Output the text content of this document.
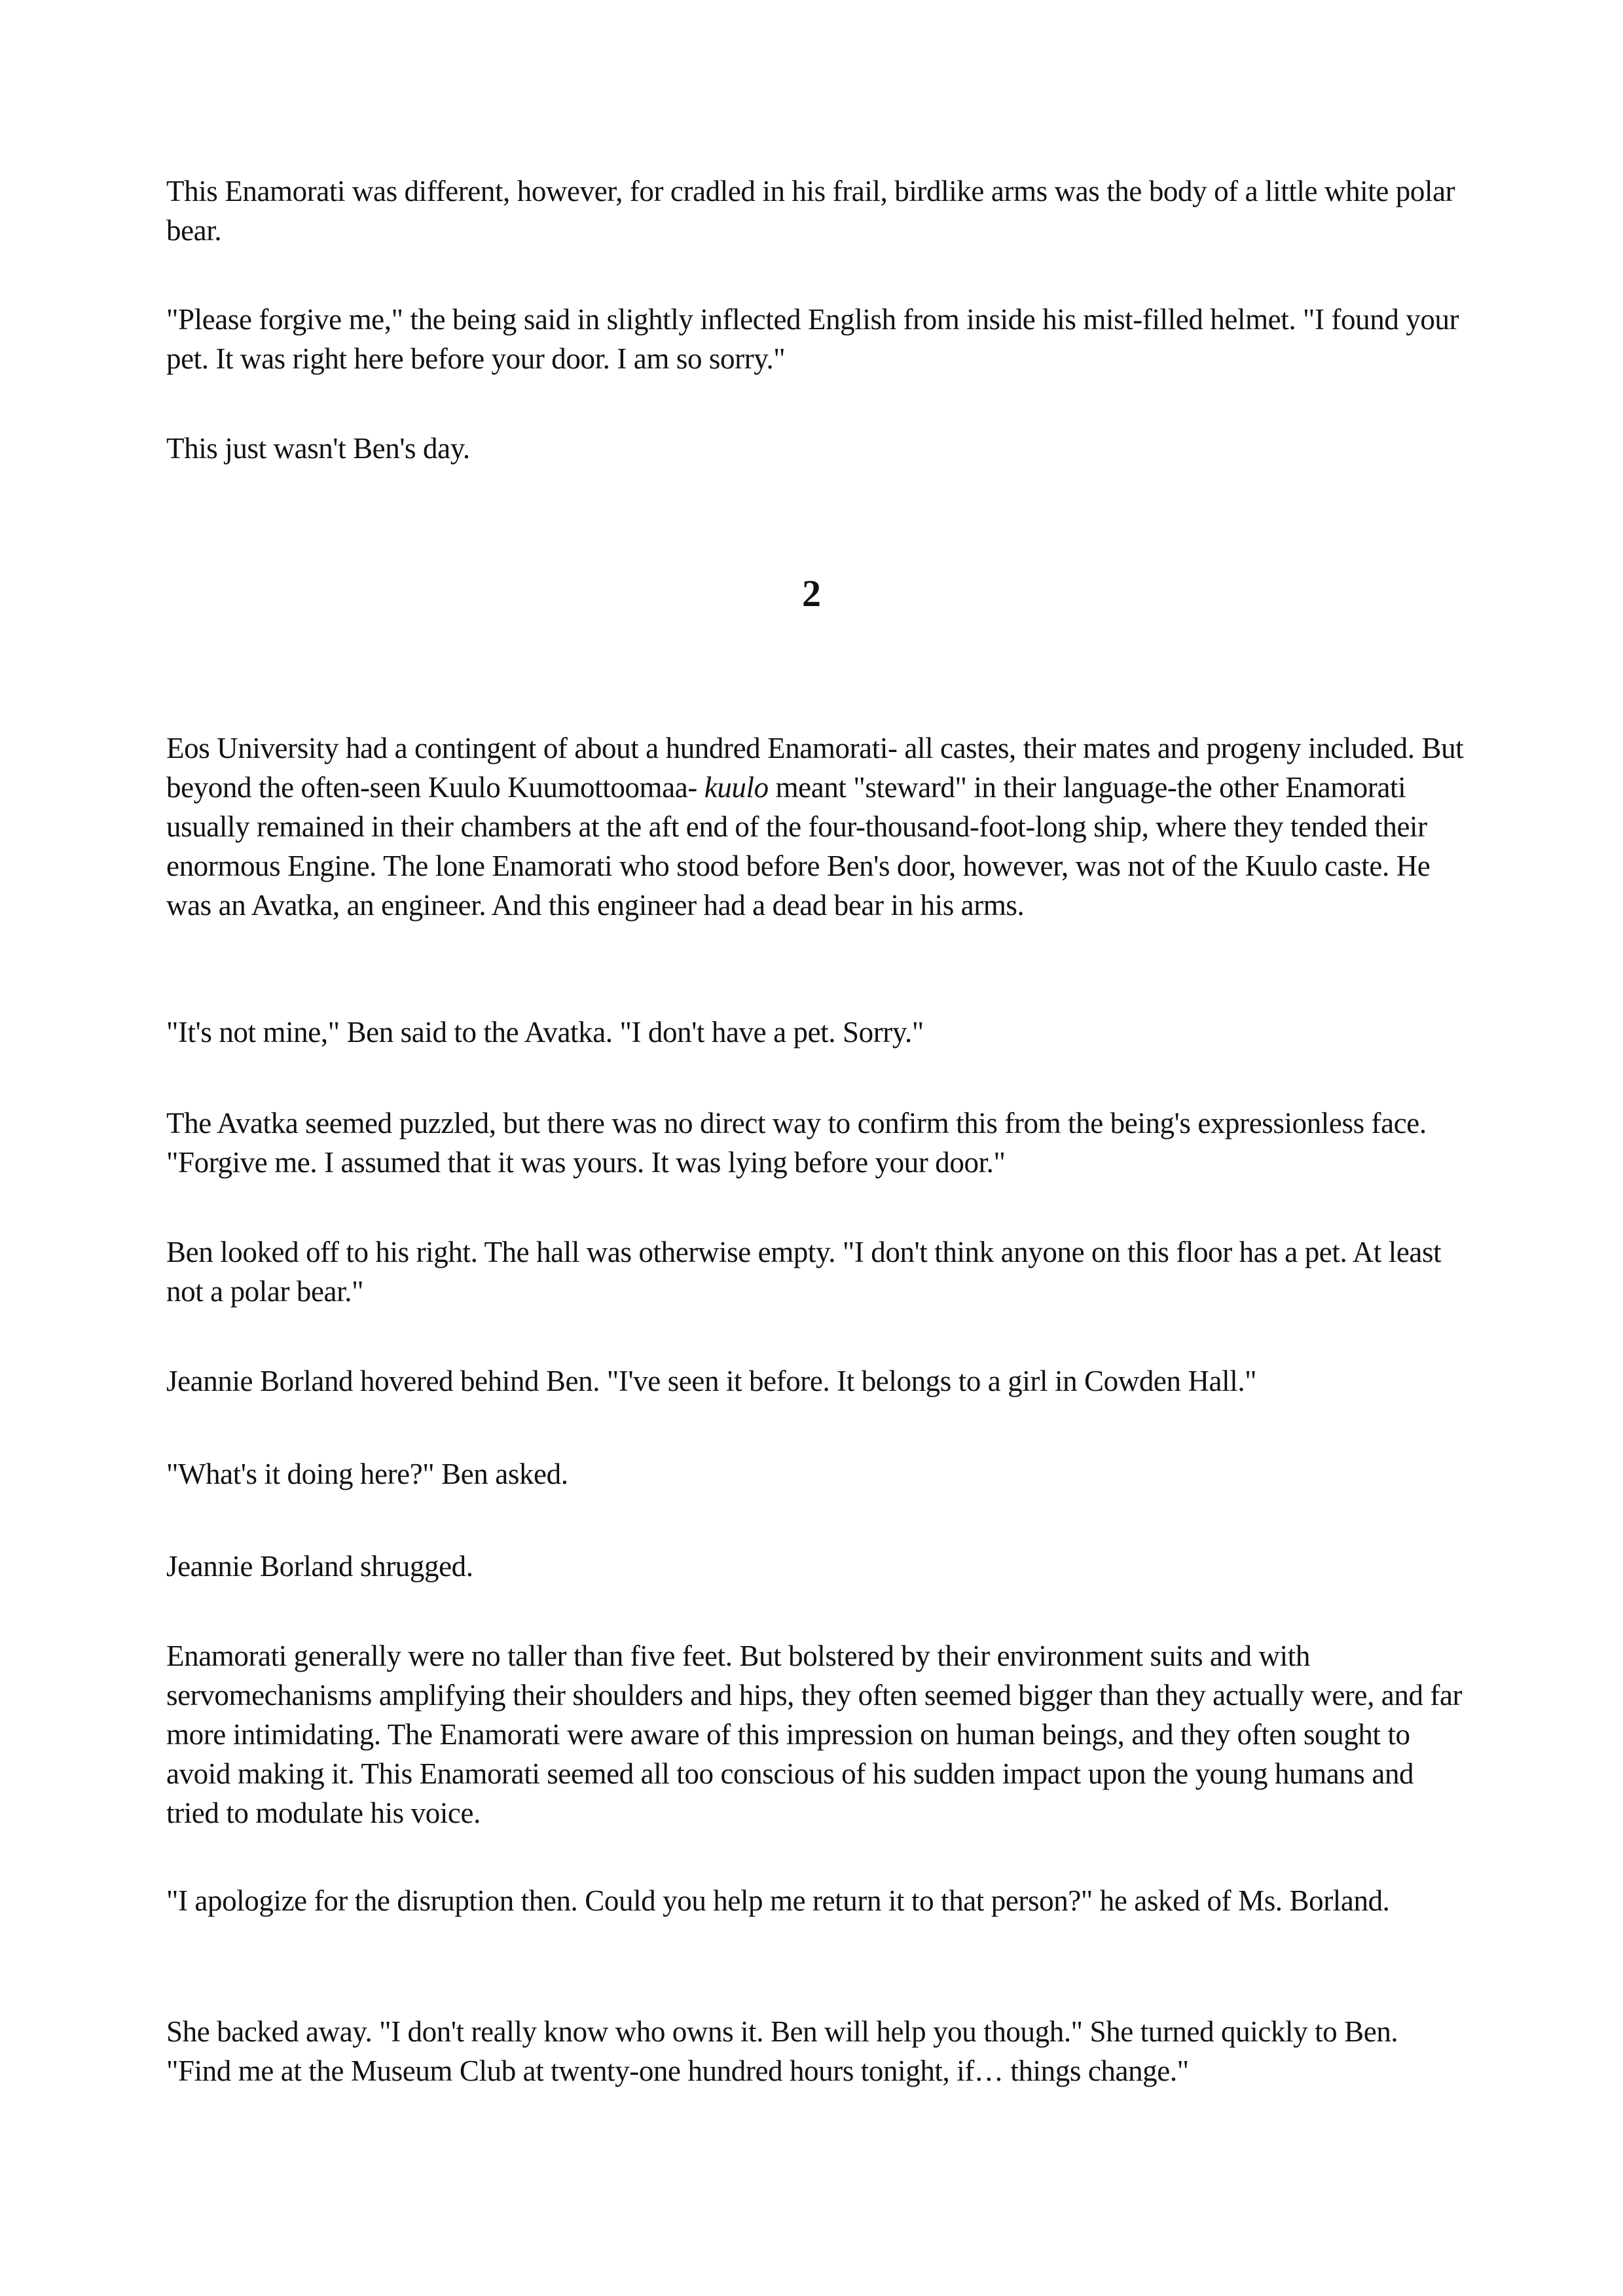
This Enamorati was different, however, for cradled in his frail, birdlike arms was the body of a little white polar bear.

"Please forgive me," the being said in slightly inflected English from inside his mist-filled helmet. "I found your pet. It was right here before your door. I am so sorry."

This just wasn't Ben's day.

2

Eos University had a contingent of about a hundred Enamorati- all castes, their mates and progeny included. But beyond the often-seen Kuulo Kuumottoomaa- kuulo meant "steward" in their language-the other Enamorati usually remained in their chambers at the aft end of the four-thousand-foot-long ship, where they tended their enormous Engine. The lone Enamorati who stood before Ben's door, however, was not of the Kuulo caste. He was an Avatka, an engineer. And this engineer had a dead bear in his arms.

"It's not mine," Ben said to the Avatka. "I don't have a pet. Sorry."

The Avatka seemed puzzled, but there was no direct way to confirm this from the being's expressionless face. "Forgive me. I assumed that it was yours. It was lying before your door."

Ben looked off to his right. The hall was otherwise empty. "I don't think anyone on this floor has a pet. At least not a polar bear."

Jeannie Borland hovered behind Ben. "I've seen it before. It belongs to a girl in Cowden Hall."

"What's it doing here?" Ben asked.

Jeannie Borland shrugged.

Enamorati generally were no taller than five feet. But bolstered by their environment suits and with servomechanisms amplifying their shoulders and hips, they often seemed bigger than they actually were, and far more intimidating. The Enamorati were aware of this impression on human beings, and they often sought to avoid making it. This Enamorati seemed all too conscious of his sudden impact upon the young humans and tried to modulate his voice.

"I apologize for the disruption then. Could you help me return it to that person?" he asked of Ms. Borland.

She backed away. "I don't really know who owns it. Ben will help you though." She turned quickly to Ben. "Find me at the Museum Club at twenty-one hundred hours tonight, if… things change."
